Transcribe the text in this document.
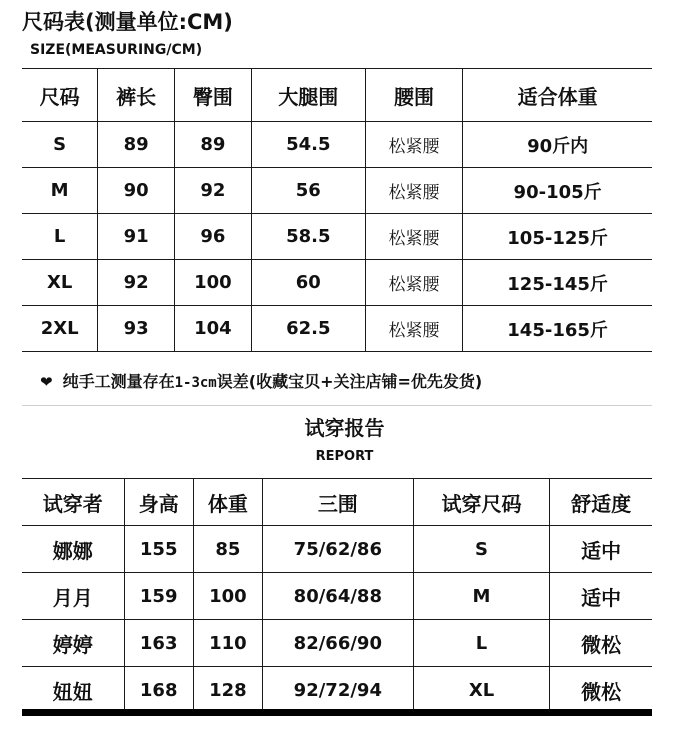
尺码表(测量单位:CM)
SIZE(MEASURING/CM)
尺码	裤长	臀围	大腿围	腰围	适合体重
S	89	89	54.5	松紧腰	90斤内
M	90	92	56	松紧腰	90-105斤
L	91	96	58.5	松紧腰	105-125斤
XL	92	100	60	松紧腰	125-145斤
2XL	93	104	62.5	松紧腰	145-165斤
❤ 纯手工测量存在1-3cm误差(收藏宝贝+关注店铺=优先发货)
试穿报告
REPORT
试穿者	身高	体重	三围	试穿尺码	舒适度
娜娜	155	85	75/62/86	S	适中
月月	159	100	80/64/88	M	适中
婷婷	163	110	82/66/90	L	微松
妞妞	168	128	92/72/94	XL	微松
